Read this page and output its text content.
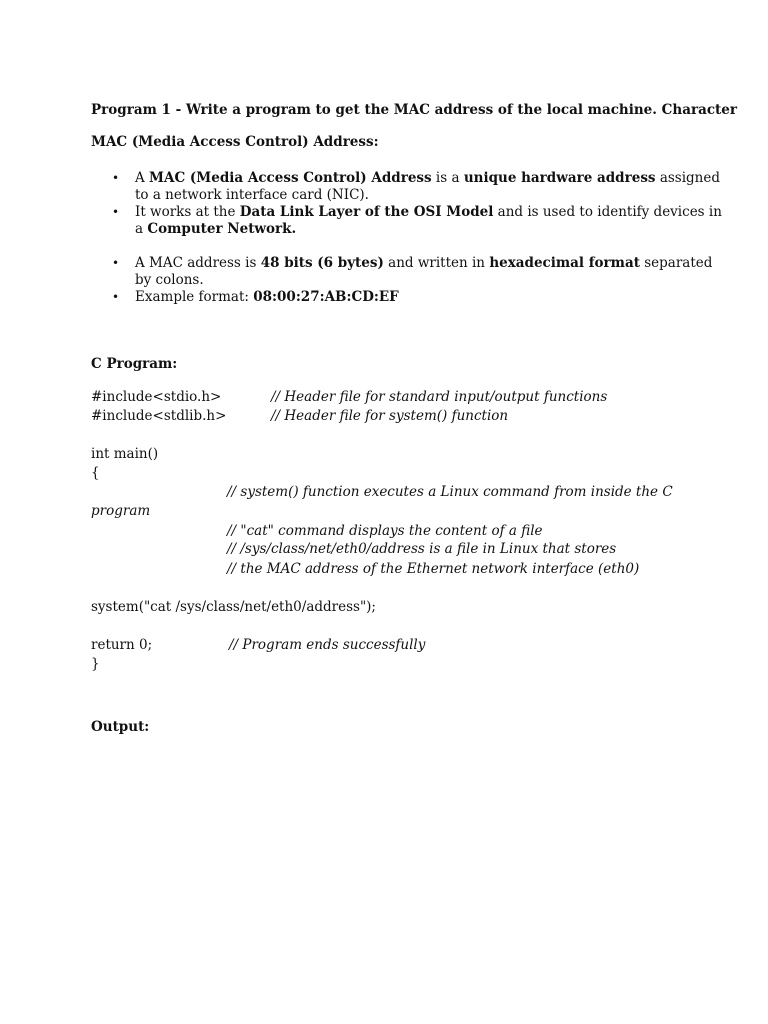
Program 1 - Write a program to get the MAC address of the local machine. Character
MAC (Media Access Control) Address:
• A MAC (Media Access Control) Address is a unique hardware address assigned
to a network interface card (NIC).
• It works at the Data Link Layer of the OSI Model and is used to identify devices in
a Computer Network.
• A MAC address is 48 bits (6 bytes) and written in hexadecimal format separated
by colons.
• Example format: 08:00:27:AB:CD:EF
C Program:
#include<stdio.h>	// Header file for standard input/output functions
#include<stdlib.h>	// Header file for system() function
int main()
{
// system() function executes a Linux command from inside the C
program
// "cat" command displays the content of a file
// /sys/class/net/eth0/address is a file in Linux that stores
// the MAC address of the Ethernet network interface (eth0)
system("cat /sys/class/net/eth0/address");
return 0;	// Program ends successfully
}
Output:
